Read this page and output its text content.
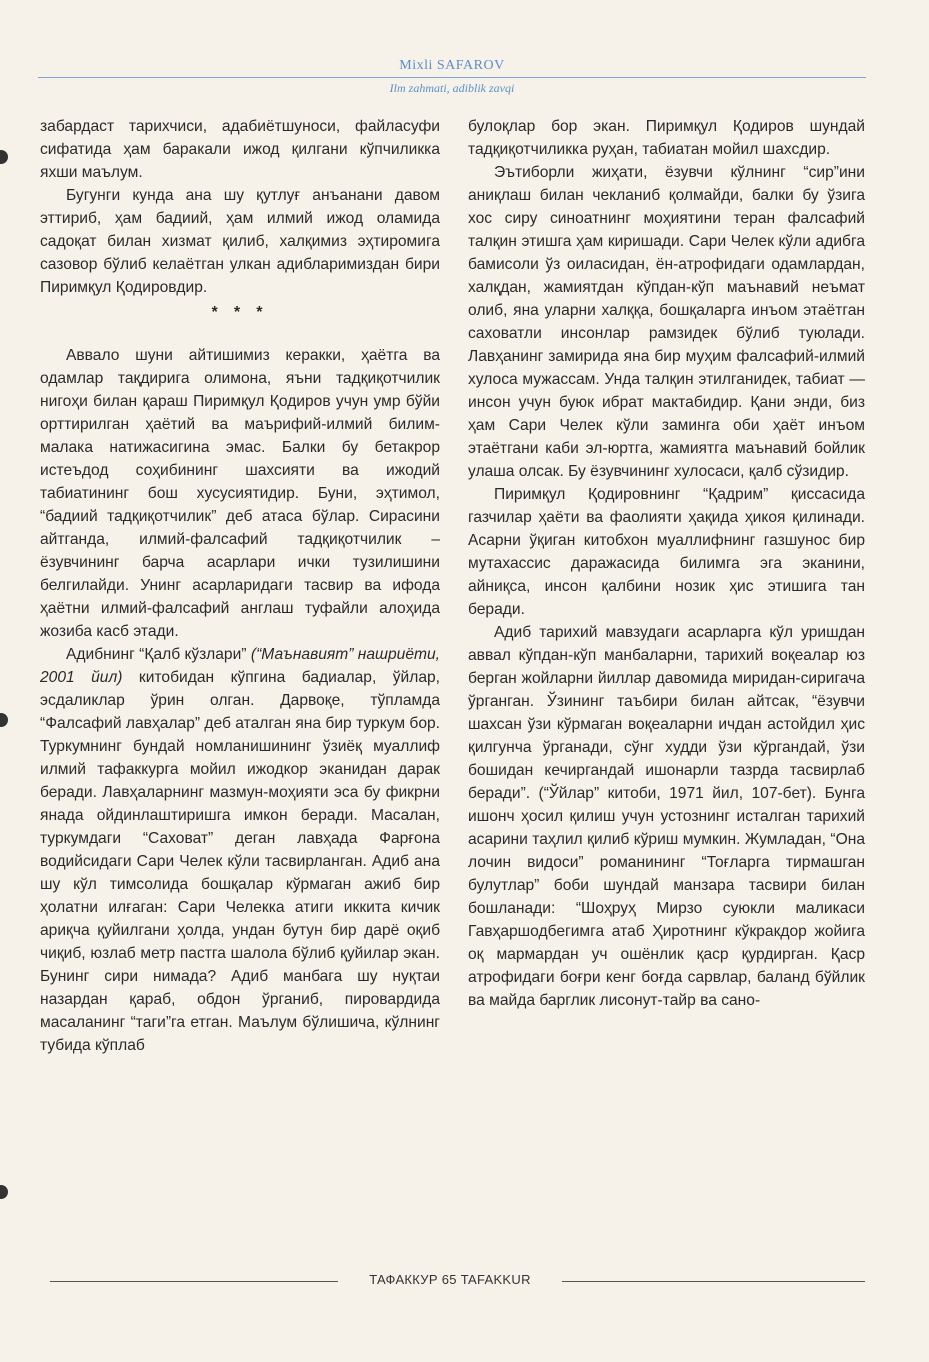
Mixli SAFAROV
Ilm zahmati, adiblik zavqi

забардаст тарихчиси, адабиётшуноси, файласуфи сифатида ҳам баракали ижод қилгани кўпчиликка яхши маълум.

Бугунги кунда ана шу қутлуғ анъанани давом эттириб, ҳам бадиий, ҳам илмий ижод оламида садоқат билан хизмат қилиб, халқимиз эҳтиромига сазовор бўлиб келаётган улкан адибларимиздан бири Пиримқул Қодировдир.

* * *

Аввало шуни айтишимиз керакки, ҳаётга ва одамлар тақдирига олимона, яъни тадқиқотчилик нигоҳи билан қараш Пиримқул Қодиров учун умр бўйи орттирилган ҳаётий ва маърифий-илмий билим-малака натижасигина эмас. Балки бу бетакрор истеъдод соҳибининг шахсияти ва ижодий табиатининг бош хусусиятидир. Буни, эҳтимол, “бадиий тадқиқотчилик” деб атаса бўлар. Сирасини айтганда, илмий-фалсафий тадқиқотчилик – ёзувчининг барча асарлари ички тузилишини белгилайди. Унинг асарларидаги тасвир ва ифода ҳаётни илмий-фалсафий англаш туфайли алоҳида жозиба касб этади.

Адибнинг “Қалб кўзлари” (“Маънавият” нашриёти, 2001 йил) китобидан кўпгина бадиалар, ўйлар, эсдаликлар ўрин олган. Дарвоқе, тўпламда “Фалсафий лавҳалар” деб аталган яна бир туркум бор. Туркумнинг бундай номланишининг ўзиёқ муаллиф илмий тафаккурга мойил ижодкор эканидан дарак беради. Лавҳаларнинг мазмун-моҳияти эса бу фикрни янада ойдинлаштиришга имкон беради. Масалан, туркумдаги “Саховат” деган лавҳада Фарғона водийсидаги Сари Челек кўли тасвирланган. Адиб ана шу кўл тимсолида бошқалар кўрмаган ажиб бир ҳолатни илғаган: Сари Челекка атиги иккита кичик ариқча қуйилгани ҳолда, ундан бутун бир дарё оқиб чиқиб, юзлаб метр пастга шалола бўлиб қуйилар экан. Бунинг сири нимада? Адиб манбага шу нуқтаи назардан қараб, обдон ўрганиб, пировардида масаланинг “таги”га етган. Маълум бўлишича, кўлнинг тубида кўплаб

булоқлар бор экан. Пиримқул Қодиров шундай тадқиқотчиликка руҳан, табиатан мойил шахсдир.

Эътиборли жиҳати, ёзувчи кўлнинг “сир”ини аниқлаш билан чекланиб қолмайди, балки бу ўзига хос сиру синоатнинг моҳиятини теран фалсафий талқин этишга ҳам киришади. Сари Челек кўли адибга бамисоли ўз оиласидан, ён-атрофидаги одамлардан, халқдан, жамиятдан кўпдан-кўп маънавий неъмат олиб, яна уларни халққа, бошқаларга инъом этаётган саховатли инсонлар рамзидек бўлиб туюлади. Лавҳанинг замирида яна бир муҳим фалсафий-илмий хулоса мужассам. Унда талқин этилганидек, табиат — инсон учун буюк ибрат мактабидир. Қани энди, биз ҳам Сари Челек кўли заминга оби ҳаёт инъом этаётгани каби эл-юртга, жамиятга маънавий бойлик улаша олсак. Бу ёзувчининг хулосаси, қалб сўзидир.

Пиримқул Қодировнинг “Қадрим” қиссасида газчилар ҳаёти ва фаолияти ҳақида ҳикоя қилинади. Асарни ўқиган китобхон муаллифнинг газшунос бир мутахассис даражасида билимга эга эканини, айниқса, инсон қалбини нозик ҳис этишига тан беради.

Адиб тарихий мавзудаги асарларга кўл уришдан аввал кўпдан-кўп манбаларни, тарихий воқеалар юз берган жойларни йиллар давомида миридан-сиригача ўрганган. Ўзининг таъбири билан айтсак, “ёзувчи шахсан ўзи кўрмаган воқеаларни ичдан астойдил ҳис қилгунча ўрганади, сўнг худди ўзи кўргандай, ўзи бошидан кечиргандай ишонарли тазрда тасвирлаб беради”. (“Ўйлар” китоби, 1971 йил, 107-бет). Бунга ишонч ҳосил қилиш учун устознинг исталган тарихий асарини таҳлил қилиб кўриш мумкин. Жумладан, “Она лочин видоси” романининг “Тоғларга тирмашган булутлар” боби шундай манзара тасвири билан бошланади: “Шоҳруҳ Мирзо суюкли маликаси Гавҳаршодбегимга атаб Ҳиротнинг кўкракдор жойига оқ мармардан уч ошёнлик қаср қурдирган. Қаср атрофидаги боғри кенг боғда сарвлар, баланд бўйлик ва майда барглик лисонут-тайр ва сано-

ТАФАККУР 65 TAFAKKUR
